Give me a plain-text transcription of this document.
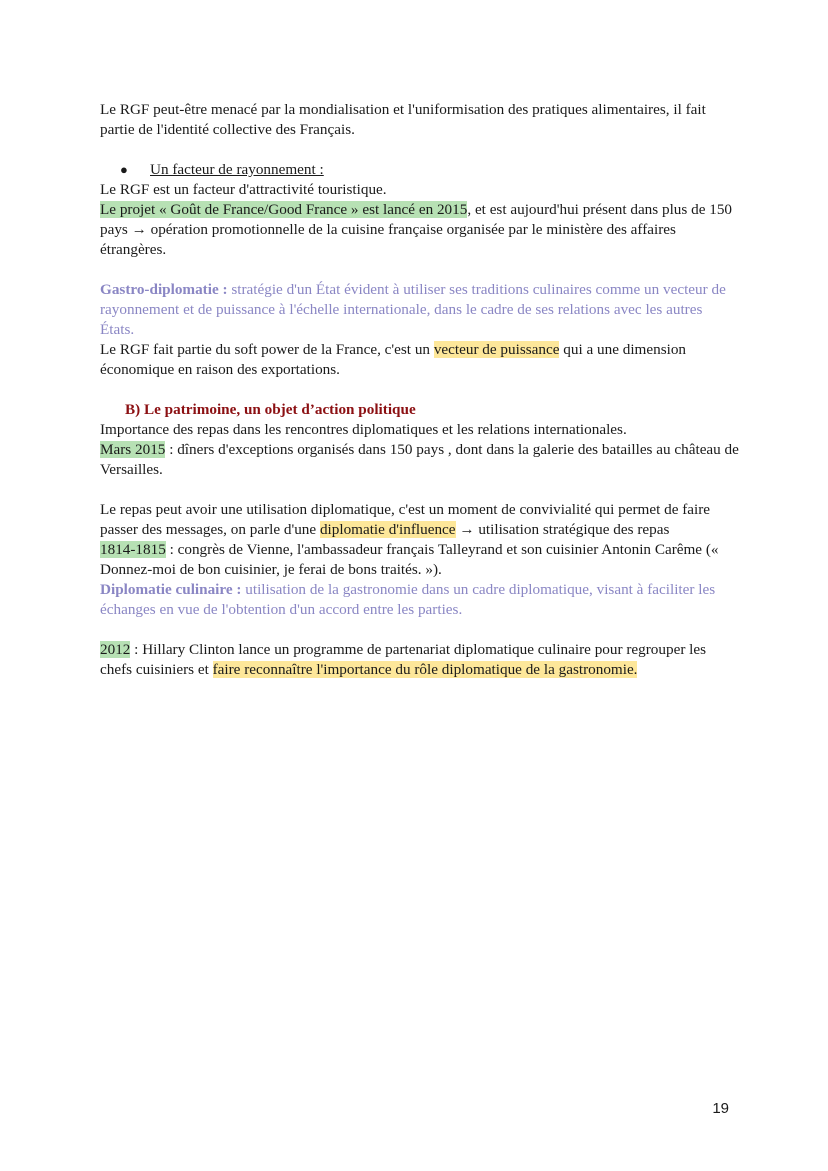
Le RGF peut-être menacé par la mondialisation et l'uniformisation des pratiques alimentaires, il fait partie de l'identité collective des Français.

●	Un facteur de rayonnement :

Le RGF est un facteur d'attractivité touristique.

Le projet « Goût de France/Good France » est lancé en 2015, et est aujourd'hui présent dans plus de 150 pays → opération promotionnelle de la cuisine française organisée par le ministère des affaires étrangères.

Gastro-diplomatie : stratégie d'un État évident à utiliser ses traditions culinaires comme un vecteur de rayonnement et de puissance à l'échelle internationale, dans le cadre de ses relations avec les autres États.

Le RGF fait partie du soft power de la France, c'est un vecteur de puissance qui a une dimension économique en raison des exportations.

B) Le patrimoine, un objet d’action politique

Importance des repas dans les rencontres diplomatiques et les relations internationales.

Mars 2015 : dîners d'exceptions organisés dans 150 pays , dont dans la galerie des batailles au château de Versailles.

Le repas peut avoir une utilisation diplomatique, c'est un moment de convivialité qui permet de faire passer des messages, on parle d'une diplomatie d'influence → utilisation stratégique des repas

1814-1815 : congrès de Vienne, l'ambassadeur français Talleyrand et son cuisinier Antonin Carême (« Donnez-moi de bon cuisinier, je ferai de bons traités. »).

Diplomatie culinaire : utilisation de la gastronomie dans un cadre diplomatique, visant à faciliter les échanges en vue de l'obtention d'un accord entre les parties.

2012 : Hillary Clinton lance un programme de partenariat diplomatique culinaire pour regrouper les chefs cuisiniers et faire reconnaître l'importance du rôle diplomatique de la gastronomie.

19
